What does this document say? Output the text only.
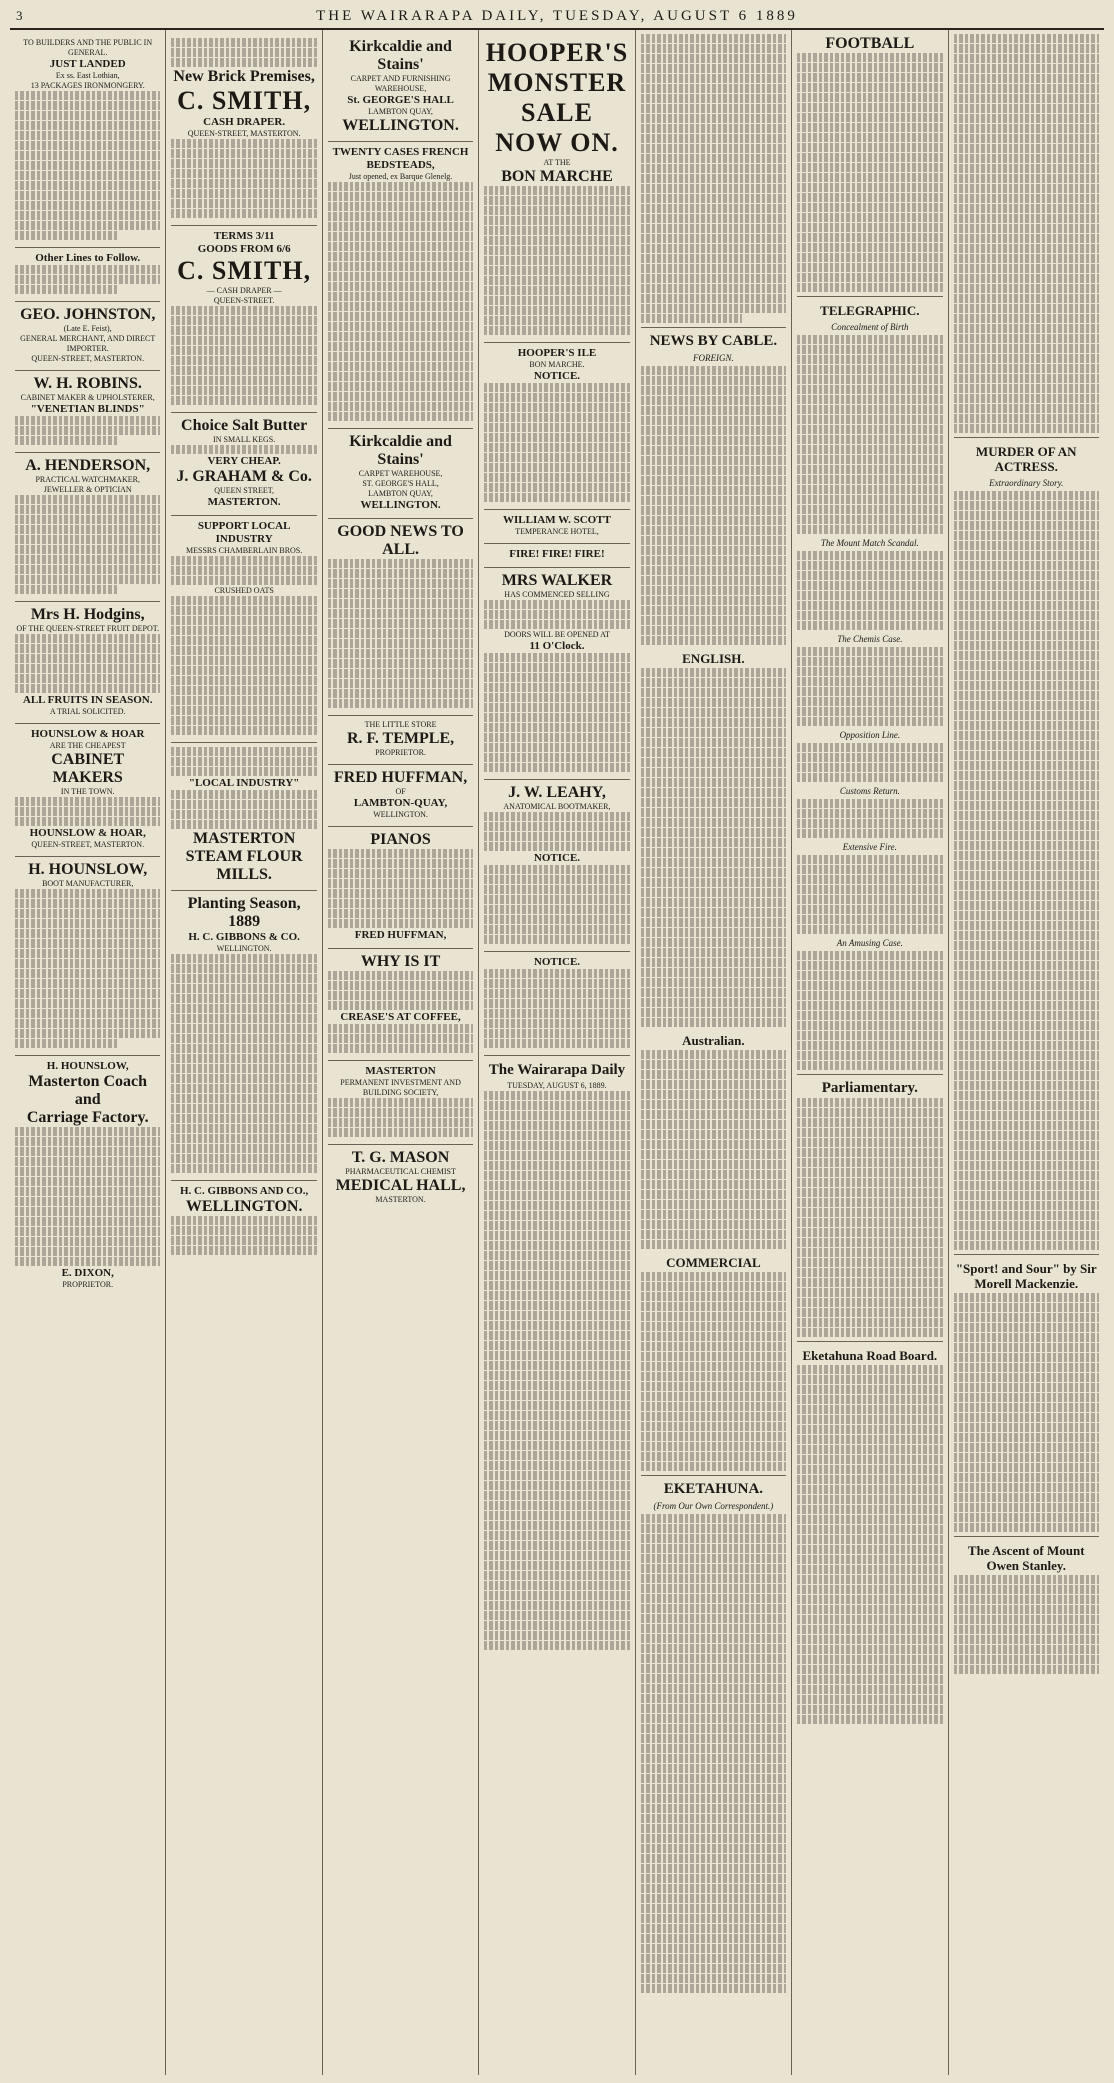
3	THE WAIRARAPA DAILY, TUESDAY, AUGUST 6 1889
TO BUILDERS AND THE PUBLIC IN GENERAL.
JUST LANDED
Ex ss. East Lothian,
13 PACKAGES IRONMONGERY.
Other Lines to Follow.
GEO. JOHNSTON,
(Late E. Feist),
GENERAL MERCHANT, AND DIRECT IMPORTER.
QUEEN-STREET, MASTERTON.
W. H. ROBINS.
CABINET MAKER & UPHOLSTERER,
"VENETIAN BLINDS"
A. HENDERSON,
PRACTICAL WATCHMAKER, JEWELLER & OPTICIAN
Mrs H. Hodgins,
OF THE QUEEN-STREET FRUIT DEPOT.
ALL FRUITS IN SEASON.
A TRIAL SOLICITED.
HOUNSLOW & HOAR
ARE THE CHEAPEST
CABINET MAKERS
IN THE TOWN.
HOUNSLOW & HOAR,
QUEEN-STREET, MASTERTON.
H. HOUNSLOW,
BOOT MANUFACTURER,
H. HOUNSLOW,
Masterton Coach and
Carriage Factory.
E. DIXON,
PROPRIETOR.
New Brick Premises,
C. SMITH,
CASH DRAPER.
QUEEN-STREET, MASTERTON.
TERMS 3/11
GOODS FROM 6/6
C. SMITH,
— CASH DRAPER —
QUEEN-STREET.
Choice Salt Butter
IN SMALL KEGS.
VERY CHEAP.
J. GRAHAM & Co.
QUEEN STREET,
MASTERTON.
SUPPORT LOCAL INDUSTRY
MESSRS CHAMBERLAIN BROS.
CRUSHED OATS
"LOCAL INDUSTRY"
MASTERTON
STEAM FLOUR MILLS.
Planting Season, 1889
H. C. GIBBONS & CO.
WELLINGTON.
H. C. GIBBONS AND CO.,
WELLINGTON.
Kirkcaldie and Stains'
CARPET AND FURNISHING
WAREHOUSE,
St. GEORGE'S HALL
LAMBTON QUAY,
WELLINGTON.
TWENTY CASES FRENCH BEDSTEADS,
Just opened, ex Barque Glenelg.
Kirkcaldie and Stains'
CARPET WAREHOUSE,
ST. GEORGE'S HALL,
LAMBTON QUAY,
WELLINGTON.
GOOD NEWS TO ALL.
THE LITTLE STORE
R. F. TEMPLE,
PROPRIETOR.
FRED HUFFMAN,
OF
LAMBTON-QUAY,
WELLINGTON.
PIANOS
FRED HUFFMAN,
WHY IS IT
CREASE'S AT COFFEE,
MASTERTON
PERMANENT INVESTMENT AND
BUILDING SOCIETY,
T. G. MASON
PHARMACEUTICAL CHEMIST
MEDICAL HALL,
MASTERTON.
HOOPER'S
MONSTER
SALE
NOW ON.
AT THE
BON MARCHE
HOOPER'S ILE
BON MARCHE.
NOTICE.
WILLIAM W. SCOTT
TEMPERANCE HOTEL,
FIRE! FIRE! FIRE!
MRS WALKER
HAS COMMENCED SELLING
DOORS WILL BE OPENED AT
11 O'Clock.
J. W. LEAHY,
ANATOMICAL BOOTMAKER,
NOTICE.
NOTICE.
The Wairarapa Daily
TUESDAY, AUGUST 6, 1889.
NEWS BY CABLE.
FOREIGN.
ENGLISH.
Australian.
COMMERCIAL
EKETAHUNA.
(From Our Own Correspondent.)
FOOTBALL
TELEGRAPHIC.
Concealment of Birth
The Mount Match Scandal.
The Chemis Case.
Opposition Line.
Customs Return.
Extensive Fire.
An Amusing Case.
Parliamentary.
Eketahuna Road Board.
MURDER OF AN ACTRESS.
Extraordinary Story.
"Sport! and Sour" by Sir Morell Mackenzie.
The Ascent of Mount Owen Stanley.
